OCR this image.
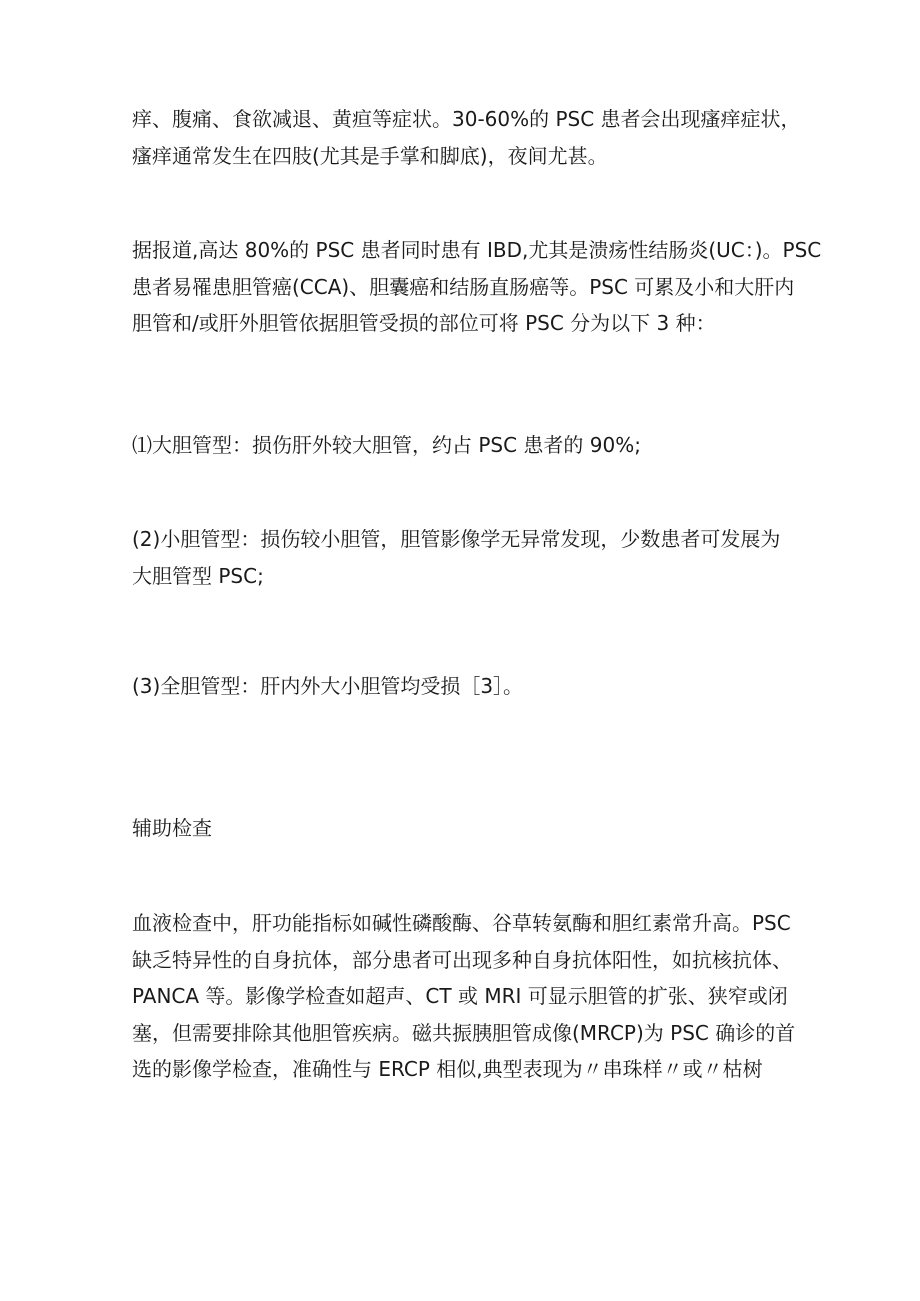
痒、腹痛、食欲减退、黄疸等症状。30-60%的 PSC 患者会出现瘙痒症状，
瘙痒通常发生在四肢(尤其是手掌和脚底)，夜间尤甚。
据报道,高达 80%的 PSC 患者同时患有 IBD,尤其是溃疡性结肠炎(UC：)。PSC
患者易罹患胆管癌(CCA)、胆囊癌和结肠直肠癌等。PSC 可累及小和大肝内
胆管和/或肝外胆管依据胆管受损的部位可将 PSC 分为以下 3 种：
⑴大胆管型：损伤肝外较大胆管，约占 PSC 患者的 90%;
(2)小胆管型：损伤较小胆管，胆管影像学无异常发现，少数患者可发展为
大胆管型 PSC;
(3)全胆管型：肝内外大小胆管均受损［3］。
辅助检查
血液检查中，肝功能指标如碱性磷酸酶、谷草转氨酶和胆红素常升高。PSC
缺乏特异性的自身抗体，部分患者可出现多种自身抗体阳性，如抗核抗体、
PANCA 等。影像学检查如超声、CT 或 MRI 可显示胆管的扩张、狭窄或闭
塞，但需要排除其他胆管疾病。磁共振胰胆管成像(MRCP)为 PSC 确诊的首
选的影像学检查，准确性与 ERCP 相似,典型表现为〃串珠样〃或〃枯树
